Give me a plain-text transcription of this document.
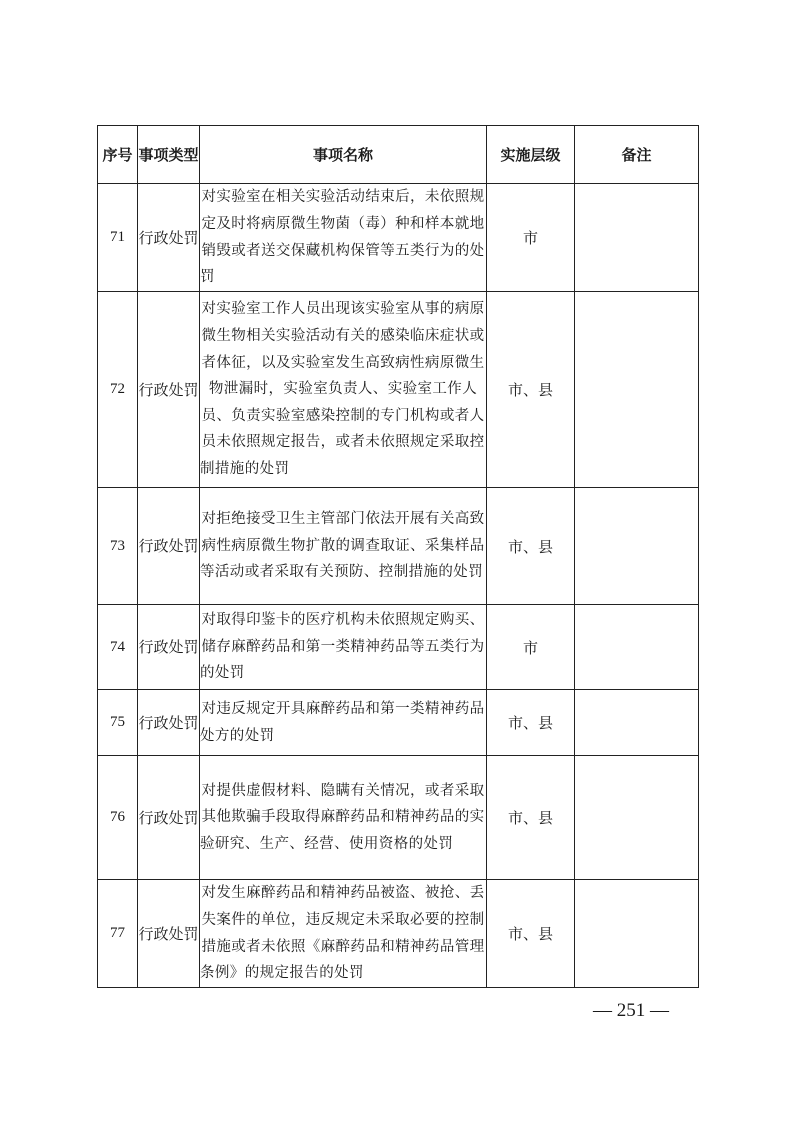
序号	事项类型	事项名称	实施层级	备注
71	行政处罚	对实验室在相关实验活动结束后，未依照规定及时将病原微生物菌（毒）种和样本就地销毁或者送交保藏机构保管等五类行为的处罚	市	
72	行政处罚	对实验室工作人员出现该实验室从事的病原微生物相关实验活动有关的感染临床症状或者体征，以及实验室发生高致病性病原微生物泄漏时，实验室负责人、实验室工作人员、负责实验室感染控制的专门机构或者人员未依照规定报告，或者未依照规定采取控制措施的处罚	市、县	
73	行政处罚	对拒绝接受卫生主管部门依法开展有关高致病性病原微生物扩散的调查取证、采集样品等活动或者采取有关预防、控制措施的处罚	市、县	
74	行政处罚	对取得印鉴卡的医疗机构未依照规定购买、储存麻醉药品和第一类精神药品等五类行为的处罚	市	
75	行政处罚	对违反规定开具麻醉药品和第一类精神药品处方的处罚	市、县	
76	行政处罚	对提供虚假材料、隐瞒有关情况，或者采取其他欺骗手段取得麻醉药品和精神药品的实验研究、生产、经营、使用资格的处罚	市、县	
77	行政处罚	对发生麻醉药品和精神药品被盗、被抢、丢失案件的单位，违反规定未采取必要的控制措施或者未依照《麻醉药品和精神药品管理条例》的规定报告的处罚	市、县	
— 251 —
